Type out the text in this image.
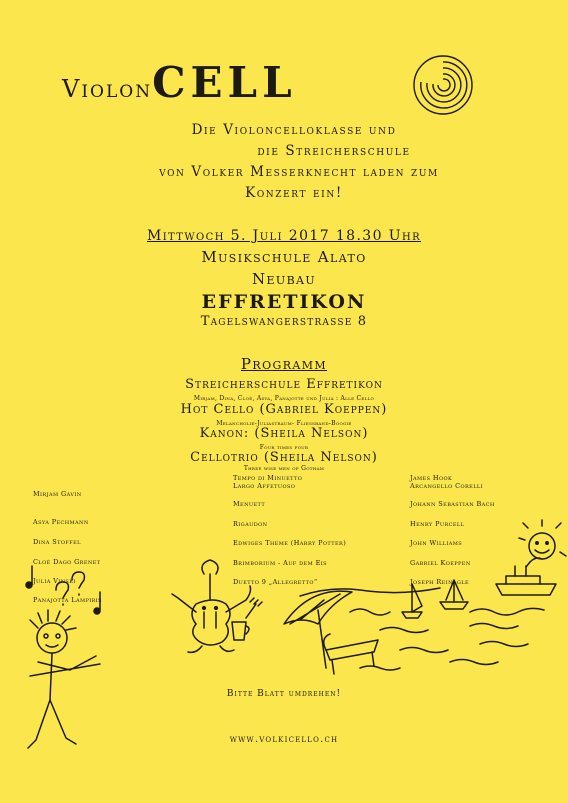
ViolonCELL
Die Violoncelloklasse und
die Streicherschule
von Volker Messerknecht laden zum
Konzert ein!
Mittwoch 5. Juli 2017 18.30 Uhr
Musikschule Alato
Neubau
EFFRETIKON
Tagelswangerstrasse 8
Programm
Streicherschule Effretikon
Mirjam, Dina, Cloé, Asya, Panajotte und Julia : Alle Cello
Hot Cello (Gabriel Koeppen)
Melancholie-Juliastraum- Fliessband-Boogie
Kanon: (Sheila Nelson)
Four times four
Cellotrio (Sheila Nelson)
Three wise men of Gotham
Mirjam Gavin
Asya Pechmann
Dina Stoffel
Cloé Dago Grenet
Julia Vinski
Panajotta Lampiris
Tempo di Minuetto
Largo Affetuoso
Menuett
Rigaudon
Edwiges Theme (Harry Potter)
Brimborium - Auf dem Eis
Duetto 9 „Allegretto“
James Hook
Arcangello Corelli
Johann Sebastian Bach
Henry Purcell
John Williams
Gabriel Koeppen
Joseph Reinagle
Bitte Blatt umdrehen!
www.volkicello.ch
